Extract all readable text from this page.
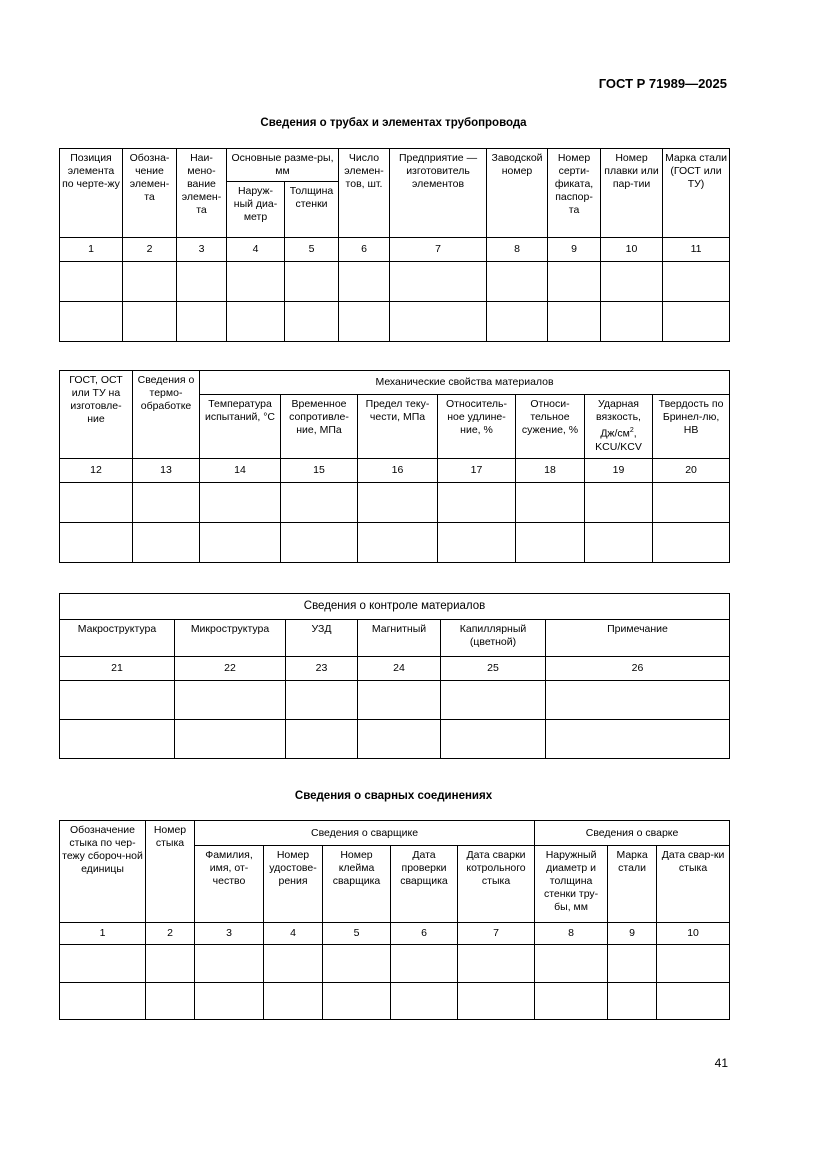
ГОСТ Р 71989—2025
Сведения о трубах и элементах трубопровода
Позиция элемента по черте-жу	Обозна-чение элемен-та	Наи-мено-вание элемен-та	Основные разме-ры, мм		Число элемен-тов, шт.	Предприятие — изготовитель элементов	Заводской номер	Номер серти-фиката, паспор-та	Номер плавки или пар-тии	Марка стали (ГОСТ или ТУ)
			Наруж-ный диа-метр	Толщина стенки						
1	2	3	4	5	6	7	8	9	10	11

ГОСТ, ОСТ или ТУ на изготовле-ние	Сведения о термо-обработке	Механические свойства материалов						
		Температура испытаний, °С	Временное сопротивле-ние, МПа	Предел теку-чести, МПа	Относитель-ное удлине-ние, %	Относи-тельное сужение, %	Ударная вязкость, $Дж/см^2$, KCU/KCV	Твердость по Бринел-лю, НВ
12	13	14	15	16	17	18	19	20

Сведения о контроле материалов					
Макроструктура	Микроструктура	УЗД	Магнитный	Капиллярный (цветной)	Примечание
21	22	23	24	25	26

Сведения о сварных соединениях
Обозначение стыка по чер-тежу сбороч-ной единицы	Номер стыка	Сведения о сварщике					Сведения о сварке		
		Фамилия, имя, от-чество	Номер удостове-рения	Номер клейма сварщика	Дата проверки сварщика	Дата сварки котрольного стыка	Наружный диаметр и толщина стенки тру-бы, мм	Марка стали	Дата свар-ки стыка
1	2	3	4	5	6	7	8	9	10

41
